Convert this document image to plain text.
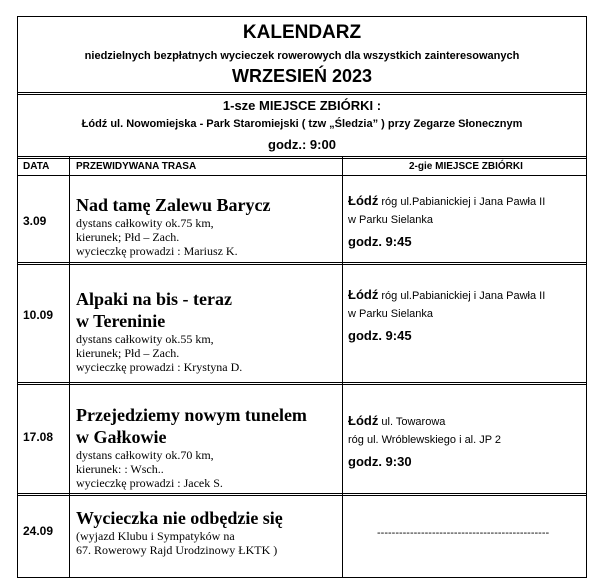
KALENDARZ
niedzielnych bezpłatnych wycieczek rowerowych dla wszystkich zainteresowanych
WRZESIEŃ 2023
1-sze MIEJSCE ZBIÓRKI :
Łódź ul. Nowomiejska - Park Staromiejski ( tzw „Śledzia” ) przy Zegarze Słonecznym
godz.: 9:00
DATA	PRZEWIDYWANA TRASA	2-gie MIEJSCE ZBIÓRKI
3.09
Nad tamę Zalewu Barycz
dystans całkowity ok.75 km,
kierunek; Płd – Zach.
wycieczkę prowadzi : Mariusz K.
Łódź róg ul.Pabianickiej i Jana Pawła II
w Parku Sielanka
godz. 9:45
10.09
Alpaki na bis - teraz
w Tereninie
dystans całkowity ok.55 km,
kierunek; Płd – Zach.
wycieczkę prowadzi : Krystyna D.
Łódź róg ul.Pabianickiej i Jana Pawła II
w Parku Sielanka
godz. 9:45
17.08
Przejedziemy nowym tunelem
w Gałkowie
dystans całkowity ok.70 km,
kierunek: : Wsch..
wycieczkę prowadzi : Jacek S.
Łódź ul. Towarowa
róg ul. Wróblewskiego i al. JP 2
godz. 9:30
24.09
Wycieczka nie odbędzie się
(wyjazd Klubu i Sympatyków na
67. Rowerowy Rajd Urodzinowy ŁKTK )
-----------------------------------------------
